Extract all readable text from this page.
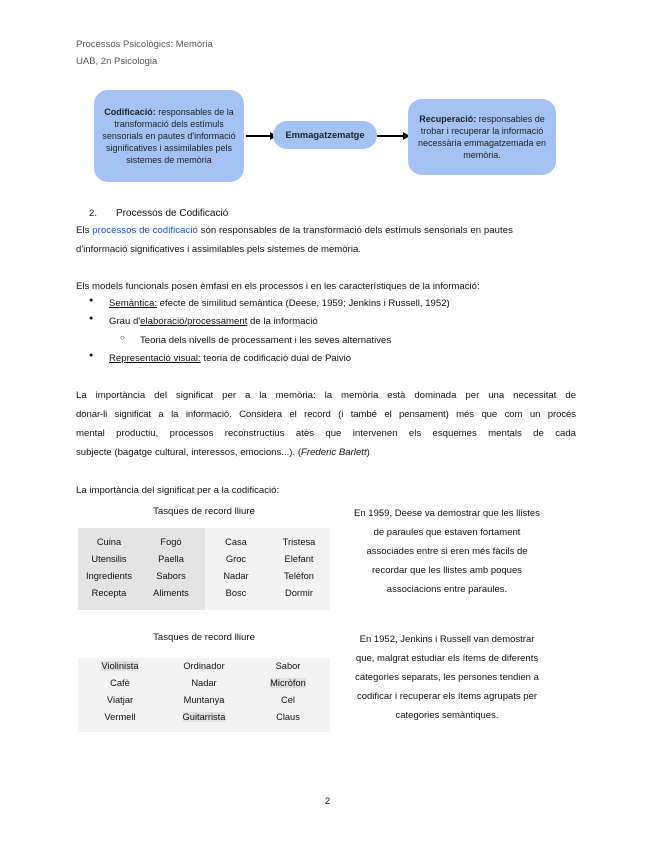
Processos Psicològics: Memòria
UAB, 2n Psicologia
Codificació: responsables de la transformació dels estímuls sensorials en pautes d'informació significatives i assimilables pels sistemes de memòria
Emmagatzematge
Recuperació: responsables de trobar i recuperar la informació necessària emmagatzemada en memòria.
2. Processos de Codificació
Els processos de codificació són responsables de la transformació dels estímuls sensorials en pautes
d'informació significatives i assimilables pels sistemes de memòria.
Els models funcionals posen èmfasi en els processos i en les característiques de la informació:
● Semàntica: efecte de similitud semàntica (Deese, 1959; Jenkins i Russell, 1952)
● Grau d'elaboració/processament de la informació
○ Teoria dels nivells de processament i les seves alternatives
● Representació visual: teoria de codificació dual de Paivio
La importància del significat per a la memòria: la memòria està dominada per una necessitat de
donar-li significat a la informació. Considera el record (i també el pensament) més que com un procés
mental productiu, processos reconstructius atès que intervenen els esquemes mentals de cada
subjecte (bagatge cultural, interessos, emocions...). (Frederic Barlett)
La importància del significat per a la codificació:
Tasques de record lliure
Cuina
Utensilis
Ingredients
Recepta
Fogó
Paella
Sabors
Aliments
Casa
Groc
Nadar
Bosc
Tristesa
Elefant
Telèfon
Dormir
En 1959, Deese va demostrar que les llistes
de paraules que estaven fortament
associades entre si eren més fàcils de
recordar que les llistes amb poques
associacions entre paraules.
Tasques de record lliure
Violinista
Cafè
Viatjar
Vermell
Ordinador
Nadar
Muntanya
Guitarrista
Sabor
Micròfon
Cel
Claus
En 1952, Jenkins i Russell van demostrar
que, malgrat estudiar els ítems de diferents
categories separats, les persones tendien a
codificar i recuperar els ítems agrupats per
categories semàntiques.
2
